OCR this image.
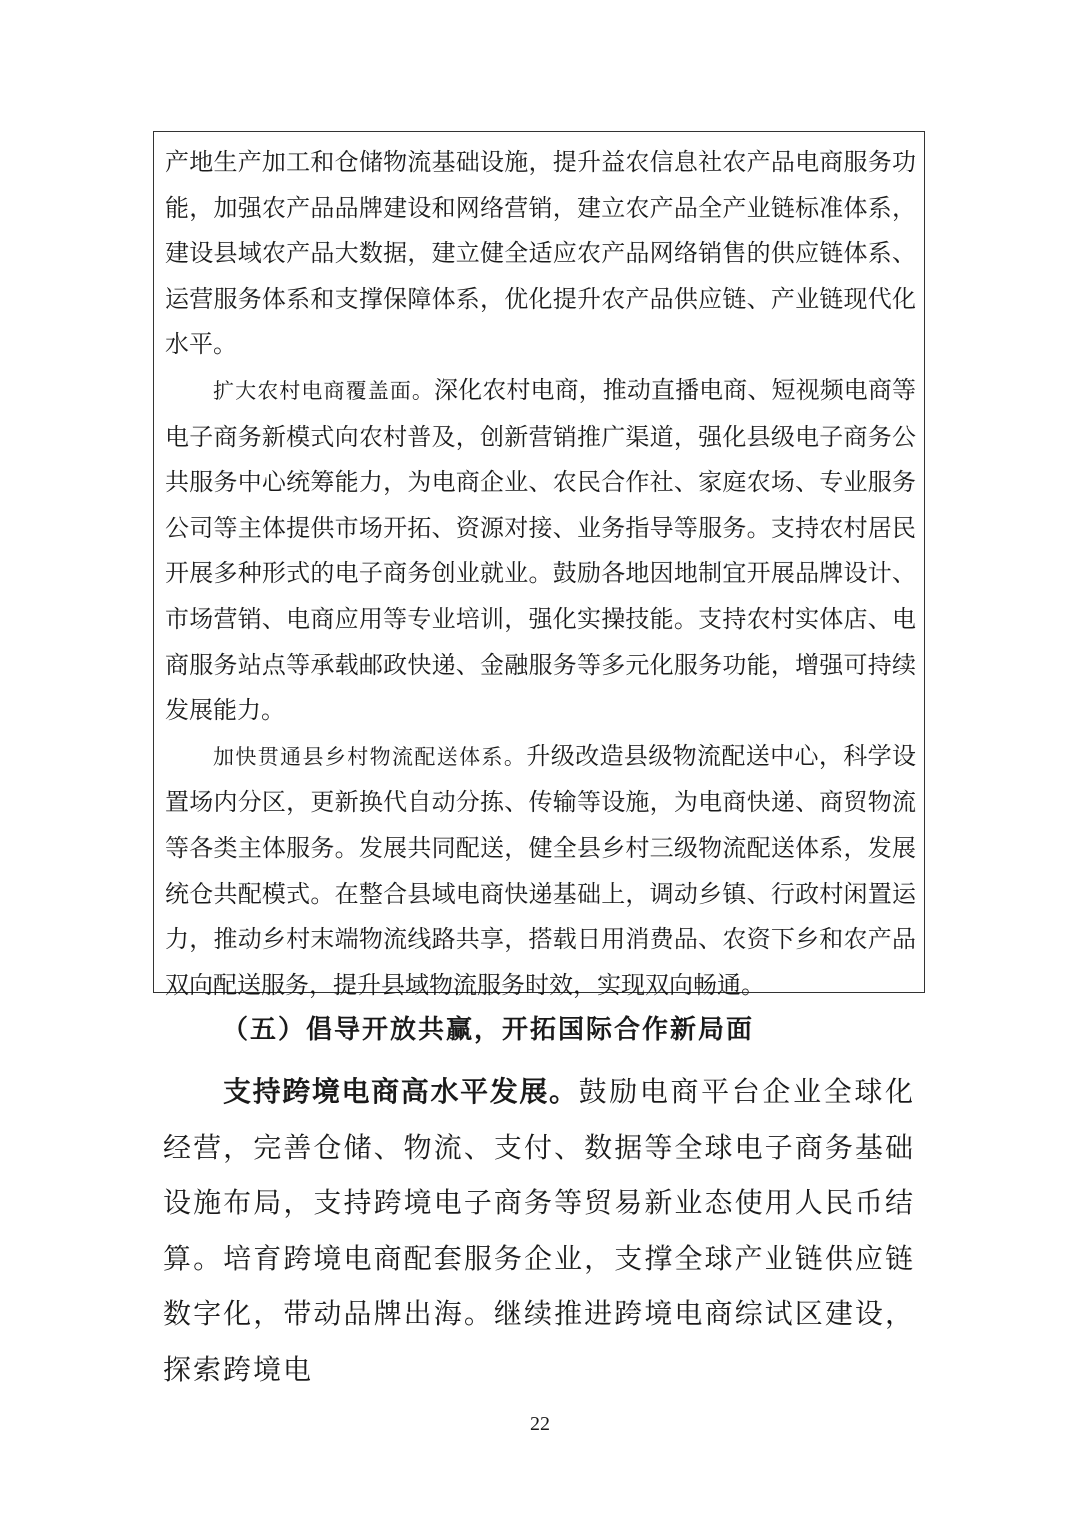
产地生产加工和仓储物流基础设施，提升益农信息社农产品电商服务功能，加强农产品品牌建设和网络营销，建立农产品全产业链标准体系，建设县域农产品大数据，建立健全适应农产品网络销售的供应链体系、运营服务体系和支撑保障体系，优化提升农产品供应链、产业链现代化水平。

扩大农村电商覆盖面。深化农村电商，推动直播电商、短视频电商等电子商务新模式向农村普及，创新营销推广渠道，强化县级电子商务公共服务中心统筹能力，为电商企业、农民合作社、家庭农场、专业服务公司等主体提供市场开拓、资源对接、业务指导等服务。支持农村居民开展多种形式的电子商务创业就业。鼓励各地因地制宜开展品牌设计、市场营销、电商应用等专业培训，强化实操技能。支持农村实体店、电商服务站点等承载邮政快递、金融服务等多元化服务功能，增强可持续发展能力。

加快贯通县乡村物流配送体系。升级改造县级物流配送中心，科学设置场内分区，更新换代自动分拣、传输等设施，为电商快递、商贸物流等各类主体服务。发展共同配送，健全县乡村三级物流配送体系，发展统仓共配模式。在整合县域电商快递基础上，调动乡镇、行政村闲置运力，推动乡村末端物流线路共享，搭载日用消费品、农资下乡和农产品双向配送服务，提升县域物流服务时效，实现双向畅通。

（五）倡导开放共赢，开拓国际合作新局面

支持跨境电商高水平发展。鼓励电商平台企业全球化经营，完善仓储、物流、支付、数据等全球电子商务基础设施布局，支持跨境电子商务等贸易新业态使用人民币结算。培育跨境电商配套服务企业，支撑全球产业链供应链数字化，带动品牌出海。继续推进跨境电商综试区建设，探索跨境电

22
